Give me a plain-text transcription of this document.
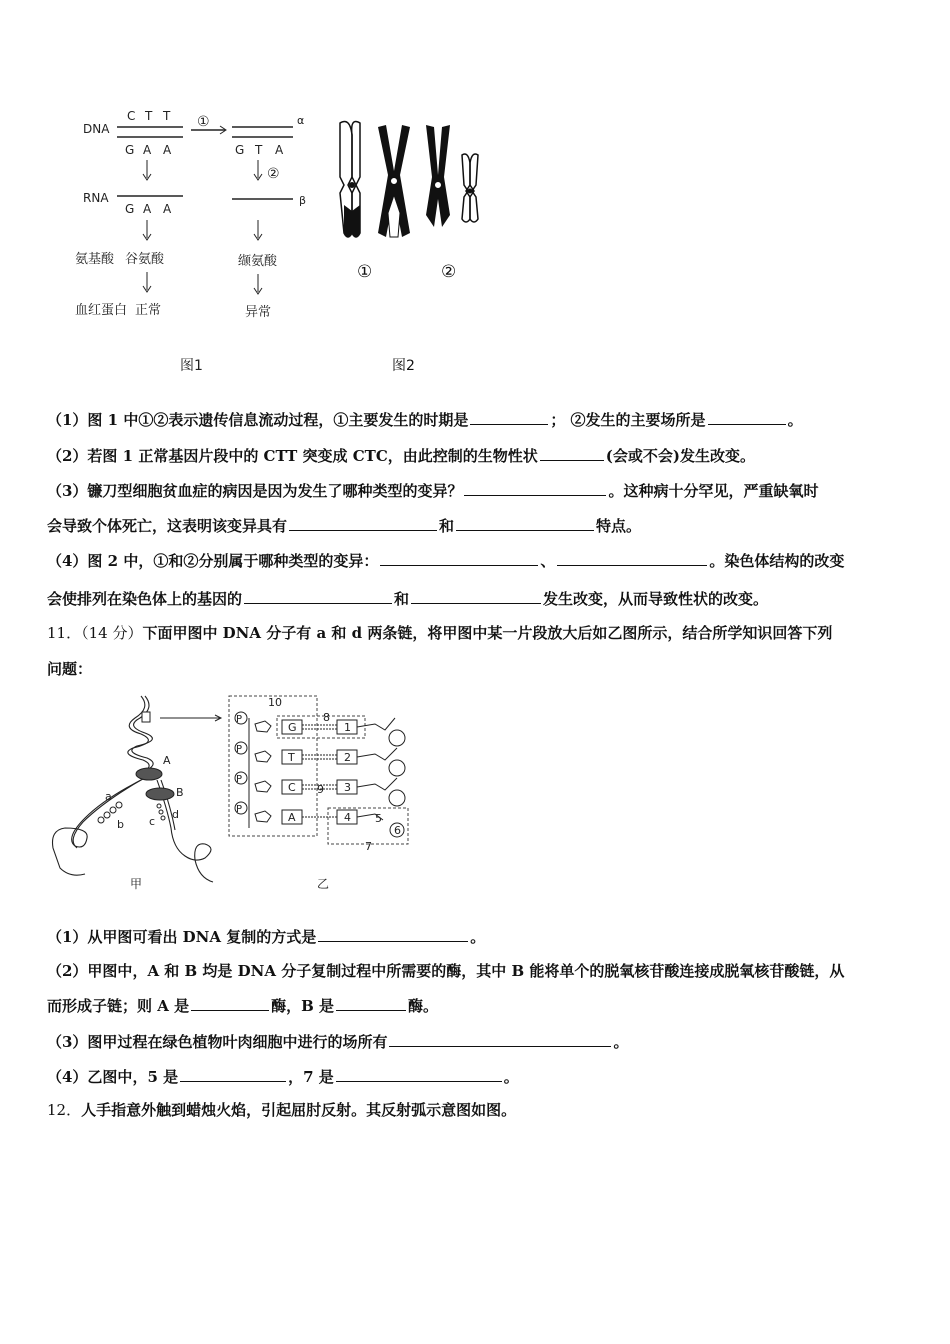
DNA
C T T
G A A
RNA
G A A
氨基酸 谷氨酸
血红蛋白 正常
①	α
G T A
②
β
缬氨酸
异常
图1
①	②
图2
（1）图 1 中①②表示遗传信息流动过程，①主要发生的时期是	； ②发生的主要场所是	。
（2）若图 1 正常基因片段中的 CTT 突变成 CTC，由此控制的生物性状	(会或不会)发生改变。
（3）镰刀型细胞贫血症的病因是因为发生了哪种类型的变异？	。这种病十分罕见，严重缺氧时
会导致个体死亡，这表明该变异具有	和	特点。
（4）图 2 中，①和②分别属于哪种类型的变异：	、	。染色体结构的改变
会使排列在染色体上的基因的	和	发生改变，从而导致性状的改变。
11．（14 分）下面甲图中 DNA 分子有 a 和 d 两条链，将甲图中某一片段放大后如乙图所示，结合所学知识回答下列
问题：
A
B
a
b c
d
甲
10
8
7
P
P
P
P
G
T
C
A
1
2
3
4
9
5
6
乙
（1）从甲图可看出 DNA 复制的方式是	。
（2）甲图中，A 和 B 均是 DNA 分子复制过程中所需要的酶，其中 B 能将单个的脱氧核苷酸连接成脱氧核苷酸链，从
而形成子链；则 A 是	酶，B 是	酶。
（3）图甲过程在绿色植物叶肉细胞中进行的场所有	。
（4）乙图中，5 是	，7 是	。
12．人手指意外触到蜡烛火焰，引起屈肘反射。其反射弧示意图如图。
